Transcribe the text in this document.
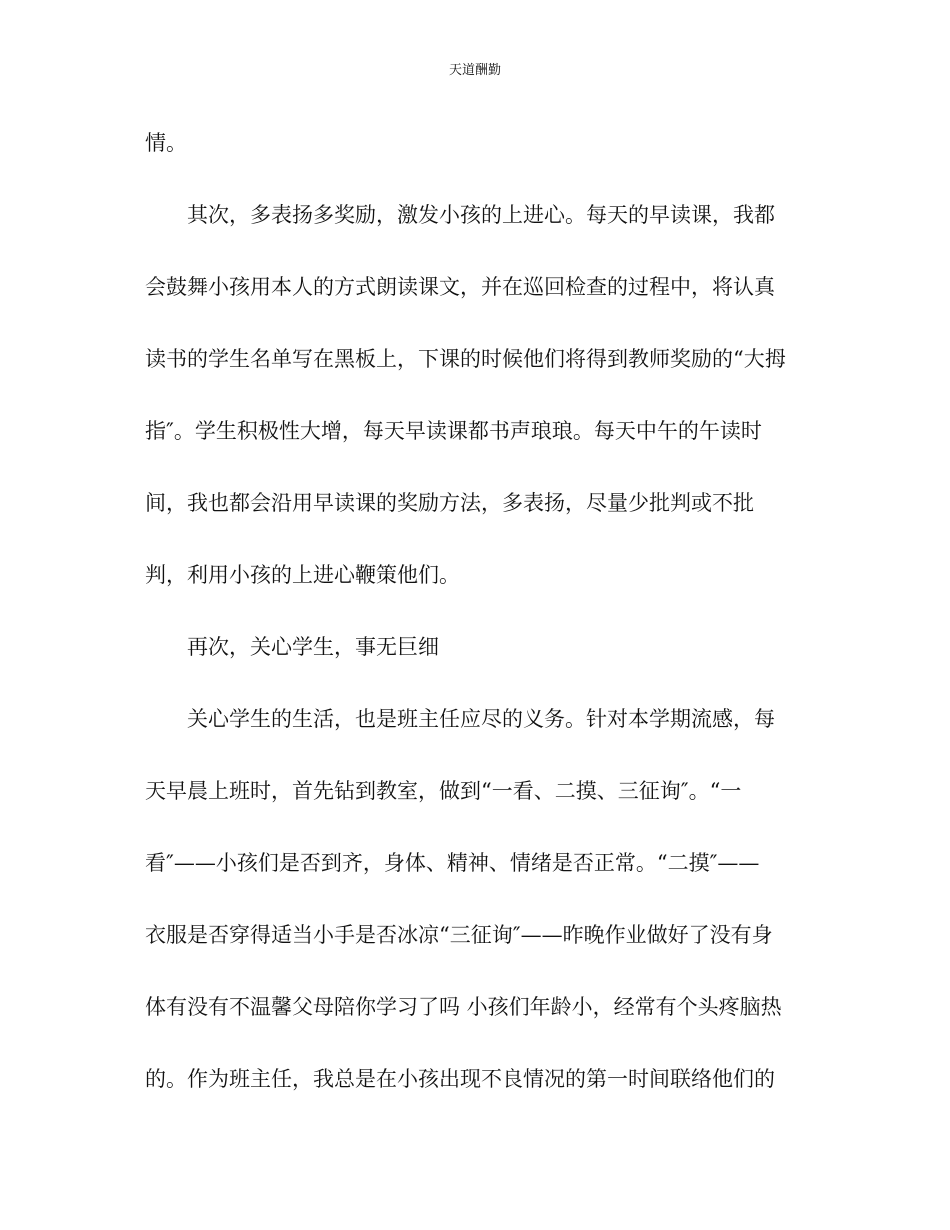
天道酬勤
情。
其次，多表扬多奖励，激发小孩的上进心。每天的早读课，我都
会鼓舞小孩用本人的方式朗读课文，并在巡回检查的过程中，将认真
读书的学生名单写在黑板上，下课的时候他们将得到教师奖励的“大拇
指″。学生积极性大增，每天早读课都书声琅琅。每天中午的午读时
间，我也都会沿用早读课的奖励方法，多表扬，尽量少批判或不批
判，利用小孩的上进心鞭策他们。
再次，关心学生，事无巨细
关心学生的生活，也是班主任应尽的义务。针对本学期流感，每
天早晨上班时，首先钻到教室，做到“一看、二摸、三征询″。“一
看″——小孩们是否到齐，身体、精神、情绪是否正常。“二摸″——
衣服是否穿得适当小手是否冰凉“三征询″——昨晚作业做好了没有身
体有没有不温馨父母陪你学习了吗 小孩们年龄小，经常有个头疼脑热
的。作为班主任，我总是在小孩出现不良情况的第一时间联络他们的
